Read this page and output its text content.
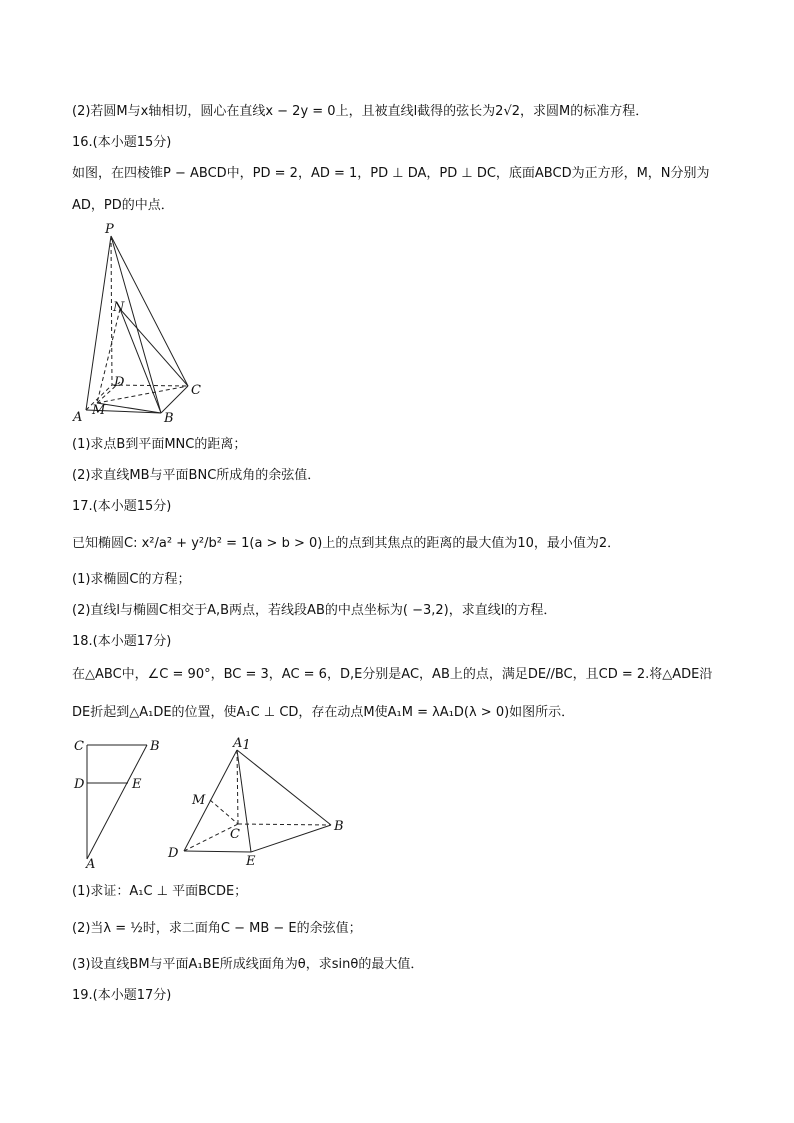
(2)若圆M与x轴相切，圆心在直线x − 2y = 0上，且被直线l截得的弦长为2√2，求圆M的标准方程．
16.(本小题15分)
如图，在四棱锥P − ABCD中，PD = 2，AD = 1，PD ⊥ DA，PD ⊥ DC，底面ABCD为正方形，M，N分别为
AD，PD的中点．
P
N
D
C
A M
B
(1)求点B到平面MNC的距离；
(2)求直线MB与平面BNC所成角的余弦值．
17.(本小题15分)
已知椭圆C: x²/a² + y²/b² = 1(a > b > 0)上的点到其焦点的距离的最大值为10，最小值为2．
(1)求椭圆C的方程；
(2)直线l与椭圆C相交于A,B两点，若线段AB的中点坐标为( −3,2)，求直线l的方程．
18.(本小题17分)
在△ABC中，∠C = 90°，BC = 3，AC = 6，D,E分别是AC，AB上的点，满足DE//BC，且CD = 2.将△ADE沿
DE折起到△A₁DE的位置，使A₁C ⊥ CD，存在动点M使A₁M = λA₁D(λ > 0)如图所示．
C	B
D	E
A
A1
M
C
B
D
E
(1)求证：A₁C ⊥ 平面BCDE；
(2)当λ = ½时，求二面角C − MB − E的余弦值；
(3)设直线BM与平面A₁BE所成线面角为θ，求sinθ的最大值．
19.(本小题17分)
